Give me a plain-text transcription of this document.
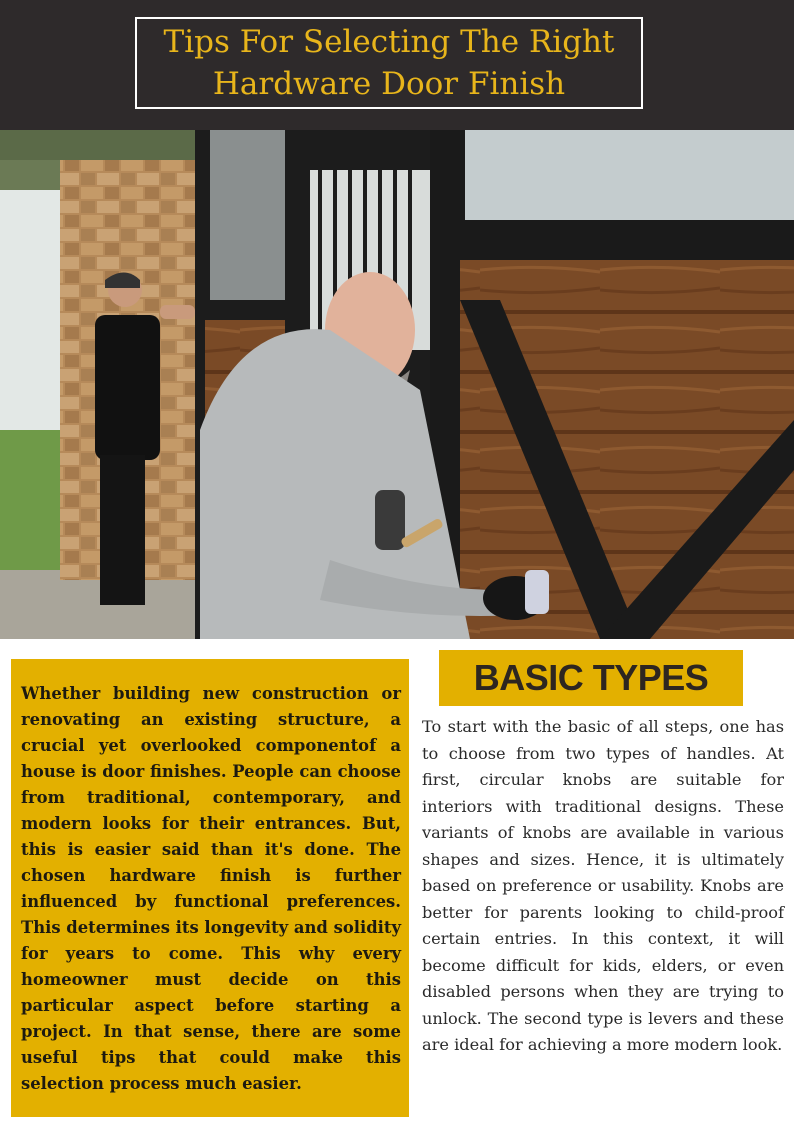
Tips For Selecting The Right Hardware Door Finish

Whether building new construction or renovating an existing structure, a crucial yet overlooked componentof a house is door finishes. People can choose from traditional, contemporary, and modern looks for their entrances. But, this is easier said than it's done. The chosen hardware finish is further influenced by functional preferences. This determines its longevity and solidity for years to come. This why every homeowner must decide on this particular aspect before starting a project. In that sense, there are some useful tips that could make this selection process much easier.

BASIC TYPES

To start with the basic of all steps, one has to choose from two types of handles. At first, circular knobs are suitable for interiors with traditional designs. These variants of knobs are available in various shapes and sizes. Hence, it is ultimately based on preference or usability. Knobs are better for parents looking to child-proof certain entries. In this context, it will become difficult for kids, elders, or even disabled persons when they are trying to unlock. The second type is levers and these are ideal for achieving a more modern look.
